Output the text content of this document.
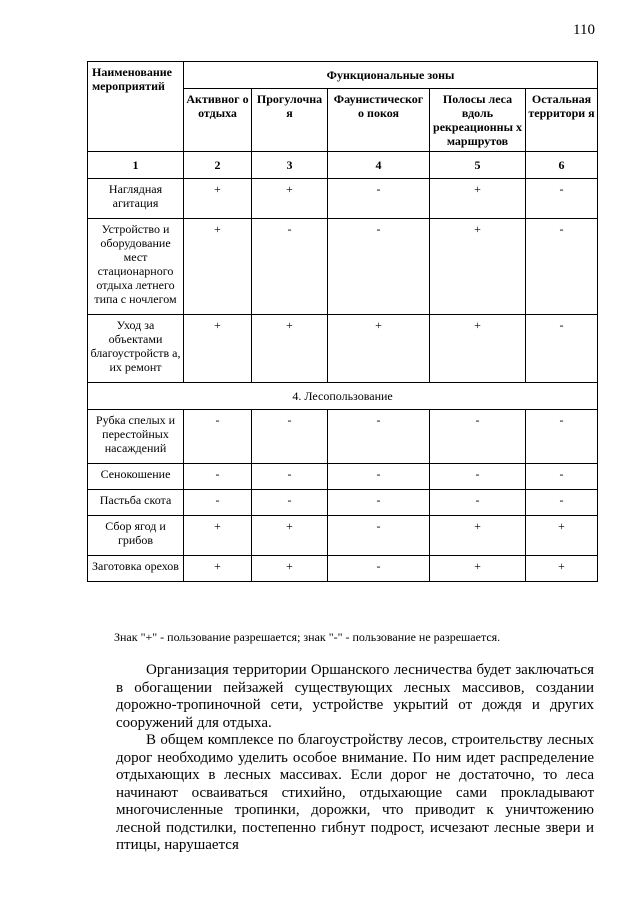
110
Наименование мероприятий	Функциональные зоны				
	Активног о отдыха	Прогулочна я	Фаунистическог о покоя	Полосы леса вдоль рекреационны х маршрутов	Остальная территори я
1	2	3	4	5	6
Наглядная агитация	+	+	-	+	-
Устройство и оборудование мест стационарного отдыха летнего типа с ночлегом	+	-	-	+	-
Уход за объектами благоустройств а, их ремонт	+	+	+	+	-
4. Лесопользование					
Рубка спелых и перестойных насаждений	-	-	-	-	-
Сенокошение	-	-	-	-	-
Пастьба скота	-	-	-	-	-
Сбор ягод и грибов	+	+	-	+	+
Заготовка орехов	+	+	-	+	+
Знак "+" - пользование разрешается; знак "-" - пользование не разрешается.

Организация территории Оршанского лесничества будет заключаться в обогащении пейзажей существующих лесных массивов, создании дорожно-тропиночной сети, устройстве укрытий от дождя и других сооружений для отдыха.

В общем комплексе по благоустройству лесов, строительству лесных дорог необходимо уделить особое внимание. По ним идет распределение отдыхающих в лесных массивах. Если дорог не достаточно, то леса начинают осваиваться стихийно, отдыхающие сами прокладывают многочисленные тропинки, дорожки, что приводит к уничтожению лесной подстилки, постепенно гибнут подрост, исчезают лесные звери и птицы, нарушается
